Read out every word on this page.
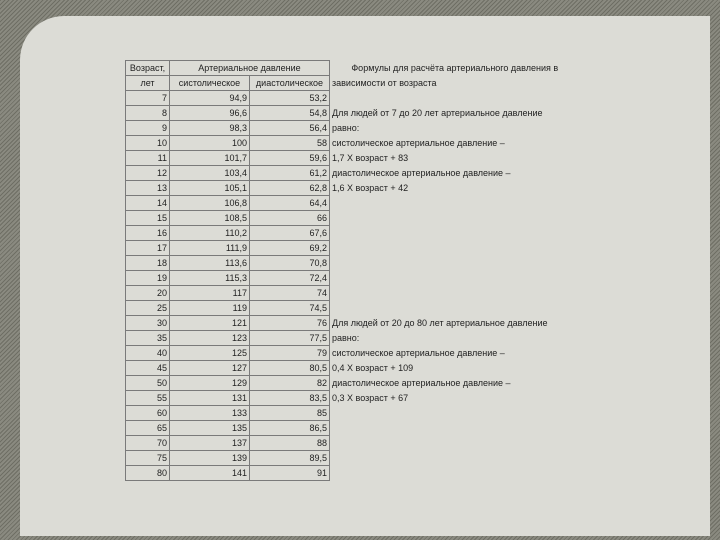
Возраст,	Артериальное давление		Формулы для расчёта артериального давления в
лет	систолическое	диастолическое	зависимости от возраста
7	94,9	53,2	
8	96,6	54,8	Для людей от 7 до 20 лет артериальное давление
9	98,3	56,4	равно:
10	100	58	систолическое артериальное давление –
11	101,7	59,6	1,7 Х возраст + 83
12	103,4	61,2	диастолическое артериальное давление –
13	105,1	62,8	1,6 Х возраст + 42
14	106,8	64,4	
15	108,5	66	
16	110,2	67,6	
17	111,9	69,2	
18	113,6	70,8	
19	115,3	72,4	
20	117	74	
25	119	74,5	
30	121	76	Для людей от 20 до 80 лет артериальное давление
35	123	77,5	равно:
40	125	79	систолическое артериальное давление –
45	127	80,5	0,4 Х возраст + 109
50	129	82	диастолическое артериальное давление –
55	131	83,5	0,3 Х возраст + 67
60	133	85	
65	135	86,5	
70	137	88	
75	139	89,5	
80	141	91	
